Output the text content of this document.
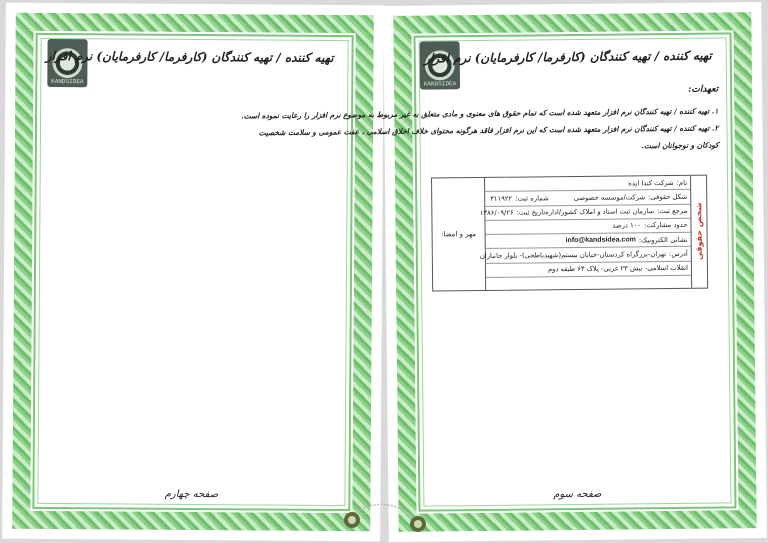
KANDSIDEA
تهیه کننده / تهیه کنندگان (کارفرما/ کارفرمایان) نرم افزار
صفحه چهارم
KANDSIDEA
تهیه کننده / تهیه کنندگان (کارفرما/ کارفرمایان) نرم افزار
تعهدات:
۱. تهیه کننده / تهیه کنندگان نرم افزار متعهد شده است که تمام حقوق های معنوی و مادی متعلق به غیر مربوط به موضوع نرم افزار را رعایت نموده است.
۲. تهیه کننده / تهیه کنندگان نرم افزار متعهد شده است که این نرم افزار فاقد هرگونه محتوای خلاف اخلاق اسلامی ، عفت عمومی و سلامت شخصیت
کودکان و نوجوانان است.
شخص حقوقی
نام:
شرکت کندا ایده
شکل حقوقی:
شرکت/موسسه خصوصی
شماره ثبت:
۳۱۱۹۲۲
مرجع ثبت:
سازمان ثبت اسناد و املاک کشور/اداره
تاریخ ثبت:
۱۳۸۶/۰۹/۲۶
حدود مشارکت:
۱۰۰ درصد
نشانی الکترونیک:
info@kandsidea.com
آدرس:
تهران-بزرگراه کردستان-خیابان بیستم(شهید‌باطحی)- بلوار جانبازان
انقلاب اسلامی- نبش ۲۳ غربی- پلاک ۶۴ طبقه دوم
مهر و امضا:
صفحه سوم
